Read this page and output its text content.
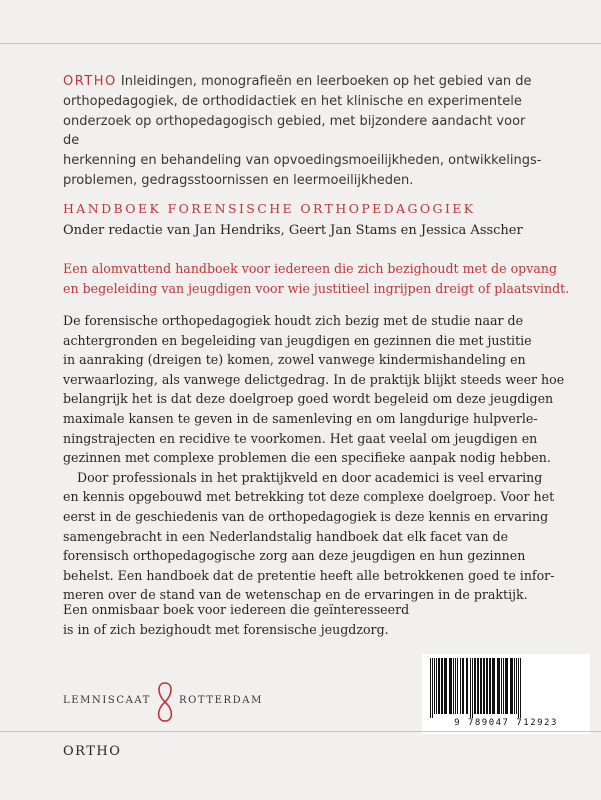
ORTHO Inleidingen, monografieën en leerboeken op het gebied van de
orthopedagogiek, de orthodidactiek en het klinische en experimentele
onderzoek op orthopedagogisch gebied, met bijzondere aandacht voor de
herkenning en behandeling van opvoedingsmoeilijkheden, ontwikkelings-
problemen, gedragsstoornissen en leermoeilijkheden.
HANDBOEK FORENSISCHE ORTHOPEDAGOGIEK
Onder redactie van Jan Hendriks, Geert Jan Stams en Jessica Asscher
Een alomvattend handboek voor iedereen die zich bezighoudt met de opvang
en begeleiding van jeugdigen voor wie justitieel ingrijpen dreigt of plaatsvindt.
De forensische orthopedagogiek houdt zich bezig met de studie naar de
achtergronden en begeleiding van jeugdigen en gezinnen die met justitie
in aanraking (dreigen te) komen, zowel vanwege kindermishandeling en
verwaarlozing, als vanwege delictgedrag. In de praktijk blijkt steeds weer hoe
belangrijk het is dat deze doelgroep goed wordt begeleid om deze jeugdigen
maximale kansen te geven in de samenleving en om langdurige hulpverle-
ningstrajecten en recidive te voorkomen. Het gaat veelal om jeugdigen en
gezinnen met complexe problemen die een specifieke aanpak nodig hebben.
Door professionals in het praktijkveld en door academici is veel ervaring
en kennis opgebouwd met betrekking tot deze complexe doelgroep. Voor het
eerst in de geschiedenis van de orthopedagogiek is deze kennis en ervaring
samengebracht in een Nederlandstalig handboek dat elk facet van de
forensisch orthopedagogische zorg aan deze jeugdigen en hun gezinnen
behelst. Een handboek dat de pretentie heeft alle betrokkenen goed te infor-
meren over de stand van de wetenschap en de ervaringen in de praktijk.
Een onmisbaar boek voor iedereen die geïnteresseerd
is in of zich bezighoudt met forensische jeugdzorg.
LEMNISCAAT	ROTTERDAM
9 789047 712923
ORTHO
